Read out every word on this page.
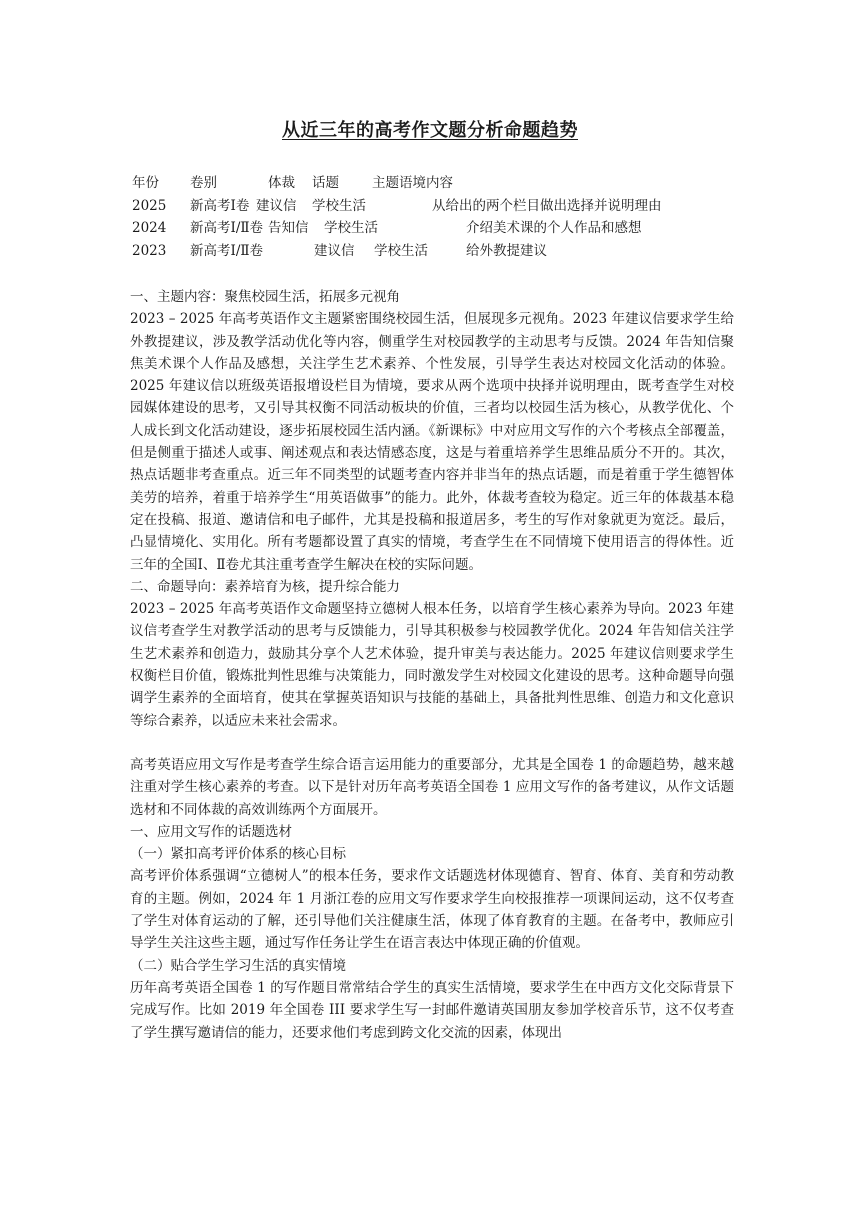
从近三年的高考作文题分析命题趋势
年份 卷别	体裁 话题 主题语境内容
2025 新高考Ⅰ卷 建议信 学校生活	从给出的两个栏目做出选择并说明理由
2024 新高考Ⅰ/Ⅱ卷 告知信 学校生活	介绍美术课的个人作品和感想
2023 新高考Ⅰ/Ⅱ卷	建议信 学校生活	给外教提建议

一、主题内容：聚焦校园生活，拓展多元视角

2023 – 2025 年高考英语作文主题紧密围绕校园生活，但展现多元视角。2023 年建议信要求学生给外教提建议，涉及教学活动优化等内容，侧重学生对校园教学的主动思考与反馈。2024 年告知信聚焦美术课个人作品及感想，关注学生艺术素养、个性发展，引导学生表达对校园文化活动的体验。2025 年建议信以班级英语报增设栏目为情境，要求从两个选项中抉择并说明理由，既考查学生对校园媒体建设的思考，又引导其权衡不同活动板块的价值，三者均以校园生活为核心，从教学优化、个人成长到文化活动建设，逐步拓展校园生活内涵。《新课标》中对应用文写作的六个考核点全部覆盖，但是侧重于描述人或事、阐述观点和表达情感态度，这是与着重培养学生思维品质分不开的。其次，热点话题非考查重点。近三年不同类型的试题考查内容并非当年的热点话题，而是着重于学生德智体美劳的培养，着重于培养学生“用英语做事”的能力。此外，体裁考查较为稳定。近三年的体裁基本稳定在投稿、报道、邀请信和电子邮件，尤其是投稿和报道居多，考生的写作对象就更为宽泛。最后，凸显情境化、实用化。所有考题都设置了真实的情境，考查学生在不同情境下使用语言的得体性。近三年的全国Ⅰ、Ⅱ卷尤其注重考查学生解决在校的实际问题。

二、命题导向：素养培育为核，提升综合能力

2023 – 2025 年高考英语作文命题坚持立德树人根本任务，以培育学生核心素养为导向。2023 年建议信考查学生对教学活动的思考与反馈能力，引导其积极参与校园教学优化。2024 年告知信关注学生艺术素养和创造力，鼓励其分享个人艺术体验，提升审美与表达能力。2025 年建议信则要求学生权衡栏目价值，锻炼批判性思维与决策能力，同时激发学生对校园文化建设的思考。这种命题导向强调学生素养的全面培育，使其在掌握英语知识与技能的基础上，具备批判性思维、创造力和文化意识等综合素养，以适应未来社会需求。

高考英语应用文写作是考查学生综合语言运用能力的重要部分，尤其是全国卷 1 的命题趋势，越来越注重对学生核心素养的考查。以下是针对历年高考英语全国卷 1 应用文写作的备考建议，从作文话题选材和不同体裁的高效训练两个方面展开。

一、应用文写作的话题选材

（一）紧扣高考评价体系的核心目标

高考评价体系强调“立德树人”的根本任务，要求作文话题选材体现德育、智育、体育、美育和劳动教育的主题。例如，2024 年 1 月浙江卷的应用文写作要求学生向校报推荐一项课间运动，这不仅考查了学生对体育运动的了解，还引导他们关注健康生活，体现了体育教育的主题。在备考中，教师应引导学生关注这些主题，通过写作任务让学生在语言表达中体现正确的价值观。

（二）贴合学生学习生活的真实情境

历年高考英语全国卷 1 的写作题目常常结合学生的真实生活情境，要求学生在中西方文化交际背景下完成写作。比如 2019 年全国卷 III 要求学生写一封邮件邀请英国朋友参加学校音乐节，这不仅考查了学生撰写邀请信的能力，还要求他们考虑到跨文化交流的因素，体现出
